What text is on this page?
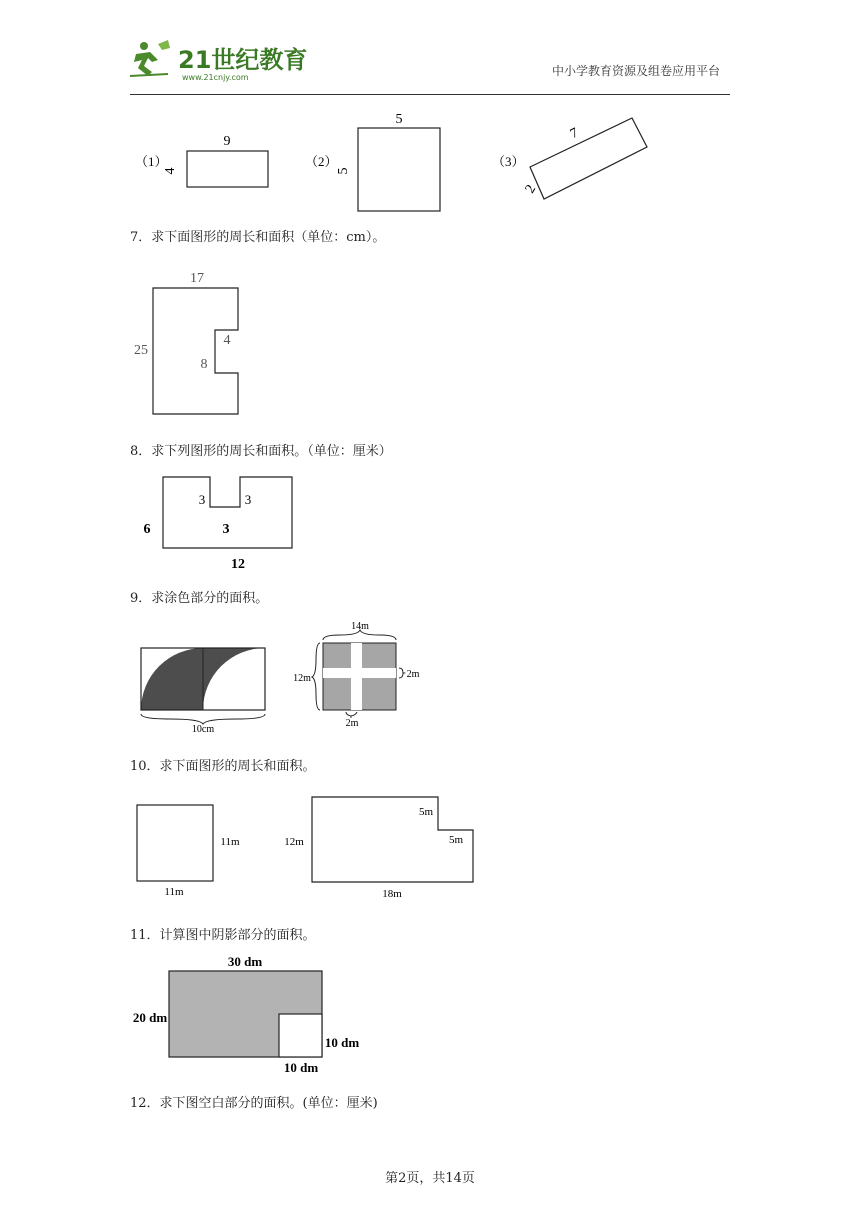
21世纪教育
www.21cnjy.com	中小学教育资源及组卷应用平台
（1）
9
4
（2）
5
5
（3）
7
2
7．求下面图形的周长和面积（单位：cm）。
17
25
4
8
8．求下列图形的周长和面积。（单位：厘米）
3	3
6	3
12
9．求涂色部分的面积。
10cm
14m
12m	2m
2m
10．求下面图形的周长和面积。
11m
11m
12m
5m
5m
18m
11．计算图中阴影部分的面积。
30 dm
20 dm
10 dm
10 dm
12．求下图空白部分的面积。(单位：厘米)
第2页，共14页
